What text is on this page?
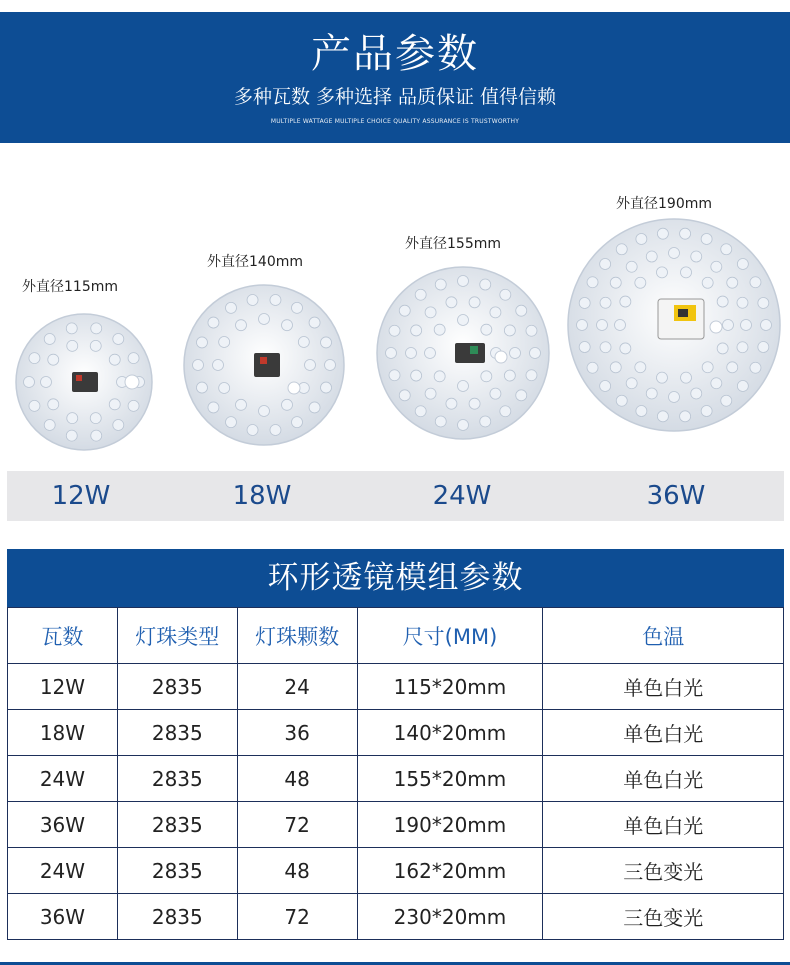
产品参数
多种瓦数 多种选择 品质保证 值得信赖
MULTIPLE WATTAGE MULTIPLE CHOICE QUALITY ASSURANCE IS TRUSTWORTHY
外直径115mm
外直径140mm
外直径155mm
外直径190mm
12W	18W	24W	36W
环形透镜模组参数
瓦数	灯珠类型	灯珠颗数	尺寸(MM)	色温
12W	2835	24	115*20mm	单色白光
18W	2835	36	140*20mm	单色白光
24W	2835	48	155*20mm	单色白光
36W	2835	72	190*20mm	单色白光
24W	2835	48	162*20mm	三色变光
36W	2835	72	230*20mm	三色变光
